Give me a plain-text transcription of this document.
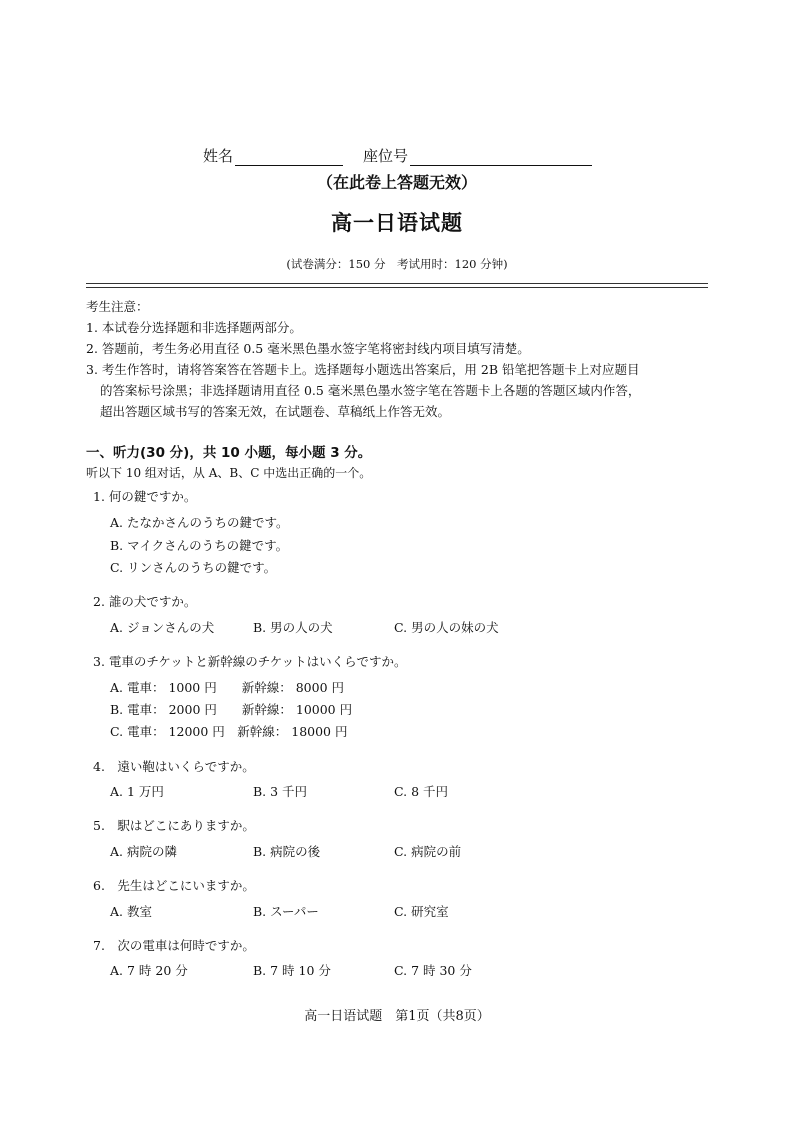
姓名	座位号
（在此卷上答题无效）
高一日语试题
(试卷满分：150 分　考试用时：120 分钟)
考生注意：
1. 本试卷分选择题和非选择题两部分。
2. 答题前，考生务必用直径 0.5 毫米黑色墨水签字笔将密封线内项目填写清楚。
3. 考生作答时，请将答案答在答题卡上。选择题每小题选出答案后，用 2B 铅笔把答题卡上对应题目
的答案标号涂黑；非选择题请用直径 0.5 毫米黑色墨水签字笔在答题卡上各题的答题区域内作答，
超出答题区域书写的答案无效，在试题卷、草稿纸上作答无效。
一、听力(30 分)，共 10 小题，每小题 3 分。
听以下 10 组对话，从 A、B、C 中选出正确的一个。
1. 何の鍵ですか。
A. たなかさんのうちの鍵です。
B. マイクさんのうちの鍵です。
C. リンさんのうちの鍵です。
2. 誰の犬ですか。
A. ジョンさんの犬	B. 男の人の犬	C. 男の人の妹の犬
3. 電車のチケットと新幹線のチケットはいくらですか。
A. 電車： 1000 円　　新幹線： 8000 円
B. 電車： 2000 円　　新幹線： 10000 円
C. 電車： 12000 円　新幹線： 18000 円
4.　遠い鞄はいくらですか。
A. 1 万円	B. 3 千円	C. 8 千円
5.　駅はどこにありますか。
A. 病院の隣	B. 病院の後	C. 病院の前
6.　先生はどこにいますか。
A. 教室	B. スーパー	C. 研究室
7.　次の電車は何時ですか。
A. 7 時 20 分	B. 7 時 10 分	C. 7 時 30 分
高一日语试题　第1页（共8页）
